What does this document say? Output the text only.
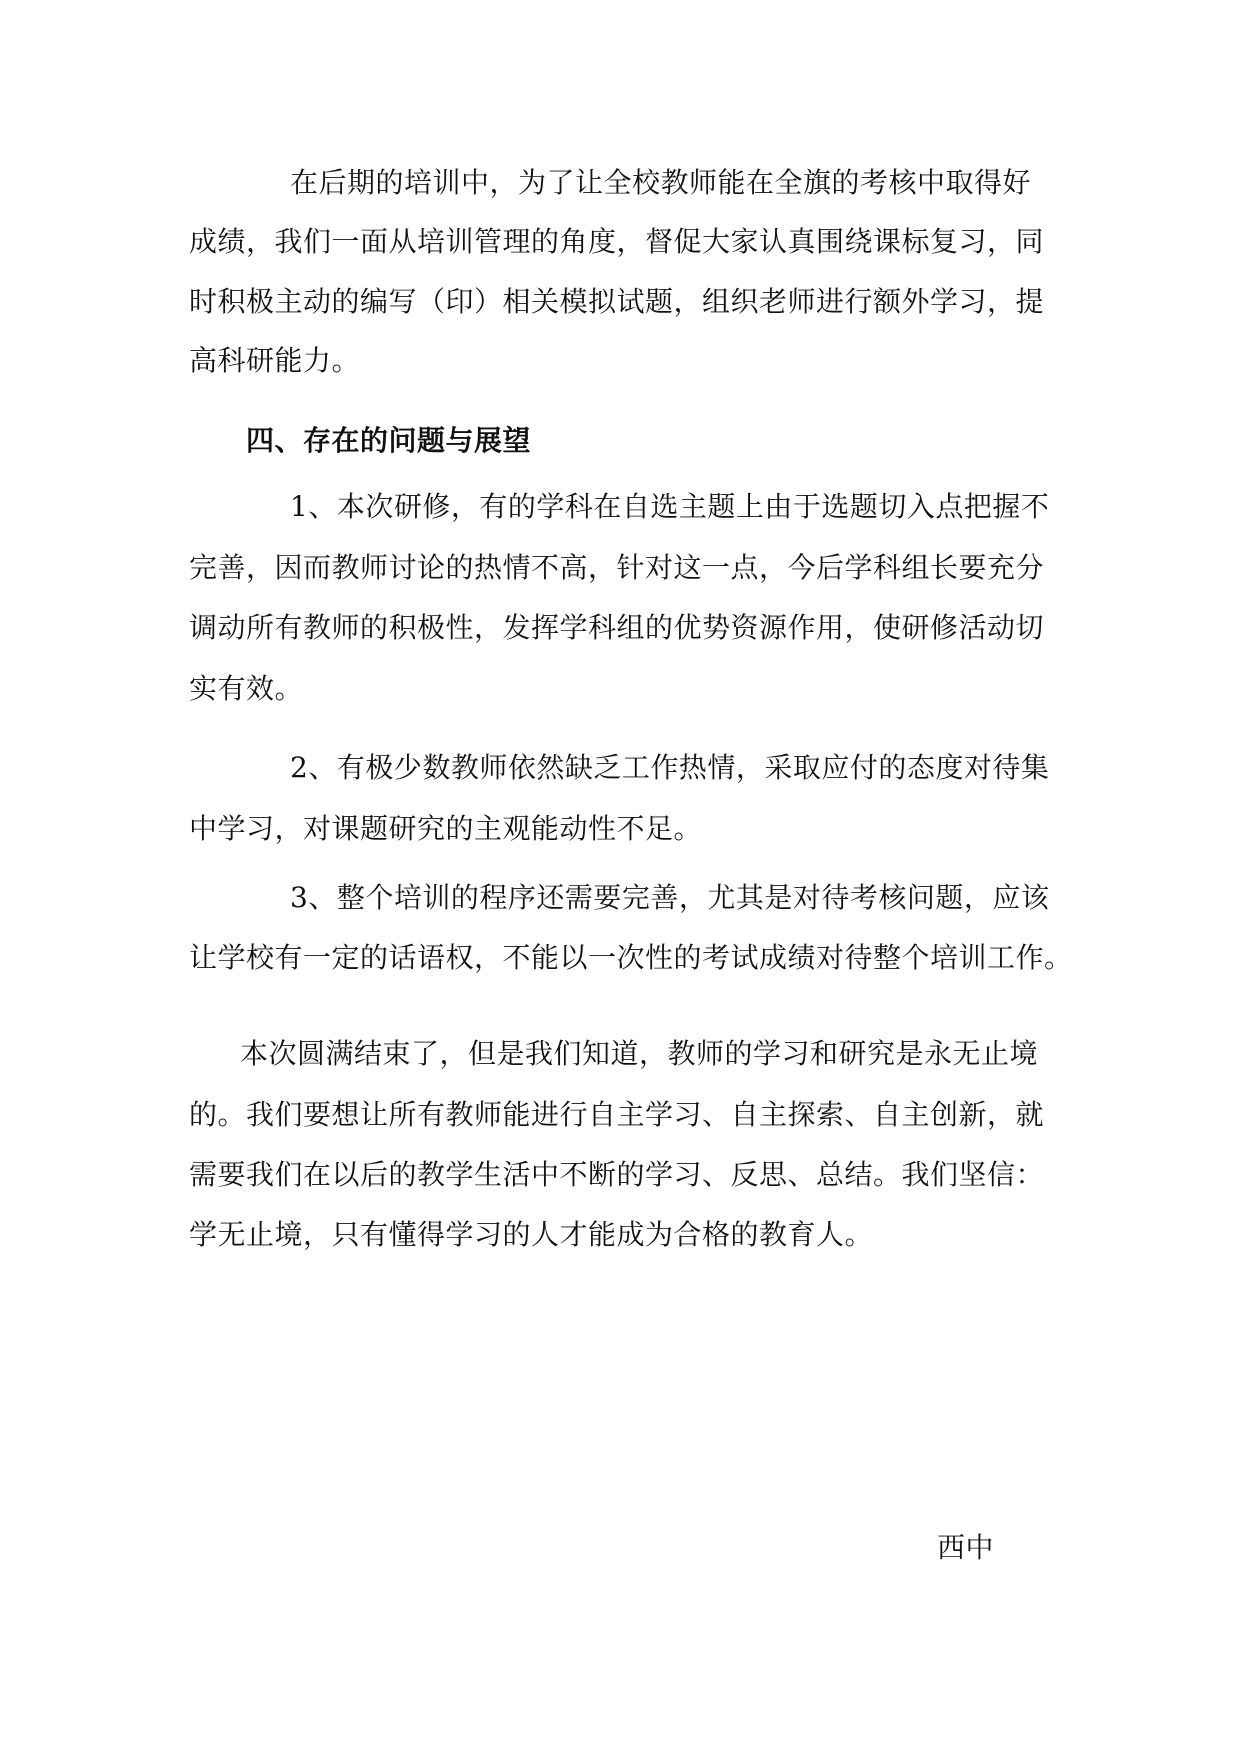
在后期的培训中，为了让全校教师能在全旗的考核中取得好
成绩，我们一面从培训管理的角度，督促大家认真围绕课标复习，同
时积极主动的编写（印）相关模拟试题，组织老师进行额外学习，提
高科研能力。
四、存在的问题与展望
1、本次研修，有的学科在自选主题上由于选题切入点把握不
完善，因而教师讨论的热情不高，针对这一点，今后学科组长要充分
调动所有教师的积极性，发挥学科组的优势资源作用，使研修活动切
实有效。
2、有极少数教师依然缺乏工作热情，采取应付的态度对待集
中学习，对课题研究的主观能动性不足。
3、整个培训的程序还需要完善，尤其是对待考核问题，应该
让学校有一定的话语权，不能以一次性的考试成绩对待整个培训工作。
本次圆满结束了，但是我们知道，教师的学习和研究是永无止境
的。我们要想让所有教师能进行自主学习、自主探索、自主创新，就
需要我们在以后的教学生活中不断的学习、反思、总结。我们坚信：
学无止境，只有懂得学习的人才能成为合格的教育人。
西中
